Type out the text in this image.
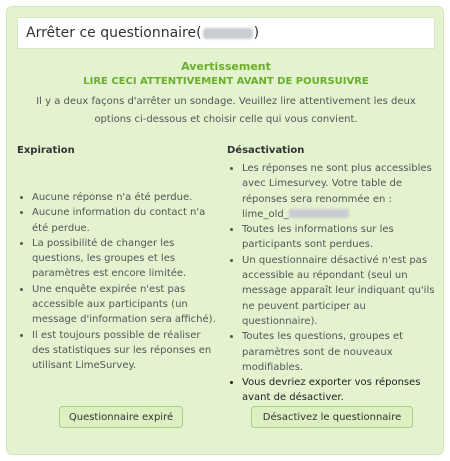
Arrêter ce questionnaire(	)
Avertissement
LIRE CECI ATTENTIVEMENT AVANT DE POURSUIVRE
Il y a deux façons d'arrêter un sondage. Veuillez lire attentivement les deux options ci-dessous et choisir celle qui vous convient.
Expiration
• Aucune réponse n'a été perdue.
• Aucune information du contact n'a été perdue.
• La possibilité de changer les questions, les groupes et les paramètres est encore limitée.
• Une enquête expirée n'est pas accessible aux participants (un message d'information sera affiché).
• Il est toujours possible de réaliser des statistiques sur les réponses en utilisant LimeSurvey.
Désactivation
• Les réponses ne sont plus accessibles avec Limesurvey. Votre table de réponses sera renommée en : lime_old_
• Toutes les informations sur les participants sont perdues.
• Un questionnaire désactivé n'est pas accessible au répondant (seul un message apparaît leur indiquant qu'ils ne peuvent participer au questionnaire).
• Toutes les questions, groupes et paramètres sont de nouveaux modifiables.
• Vous devriez exporter vos réponses avant de désactiver.
Questionnaire expiré	Désactivez le questionnaire
